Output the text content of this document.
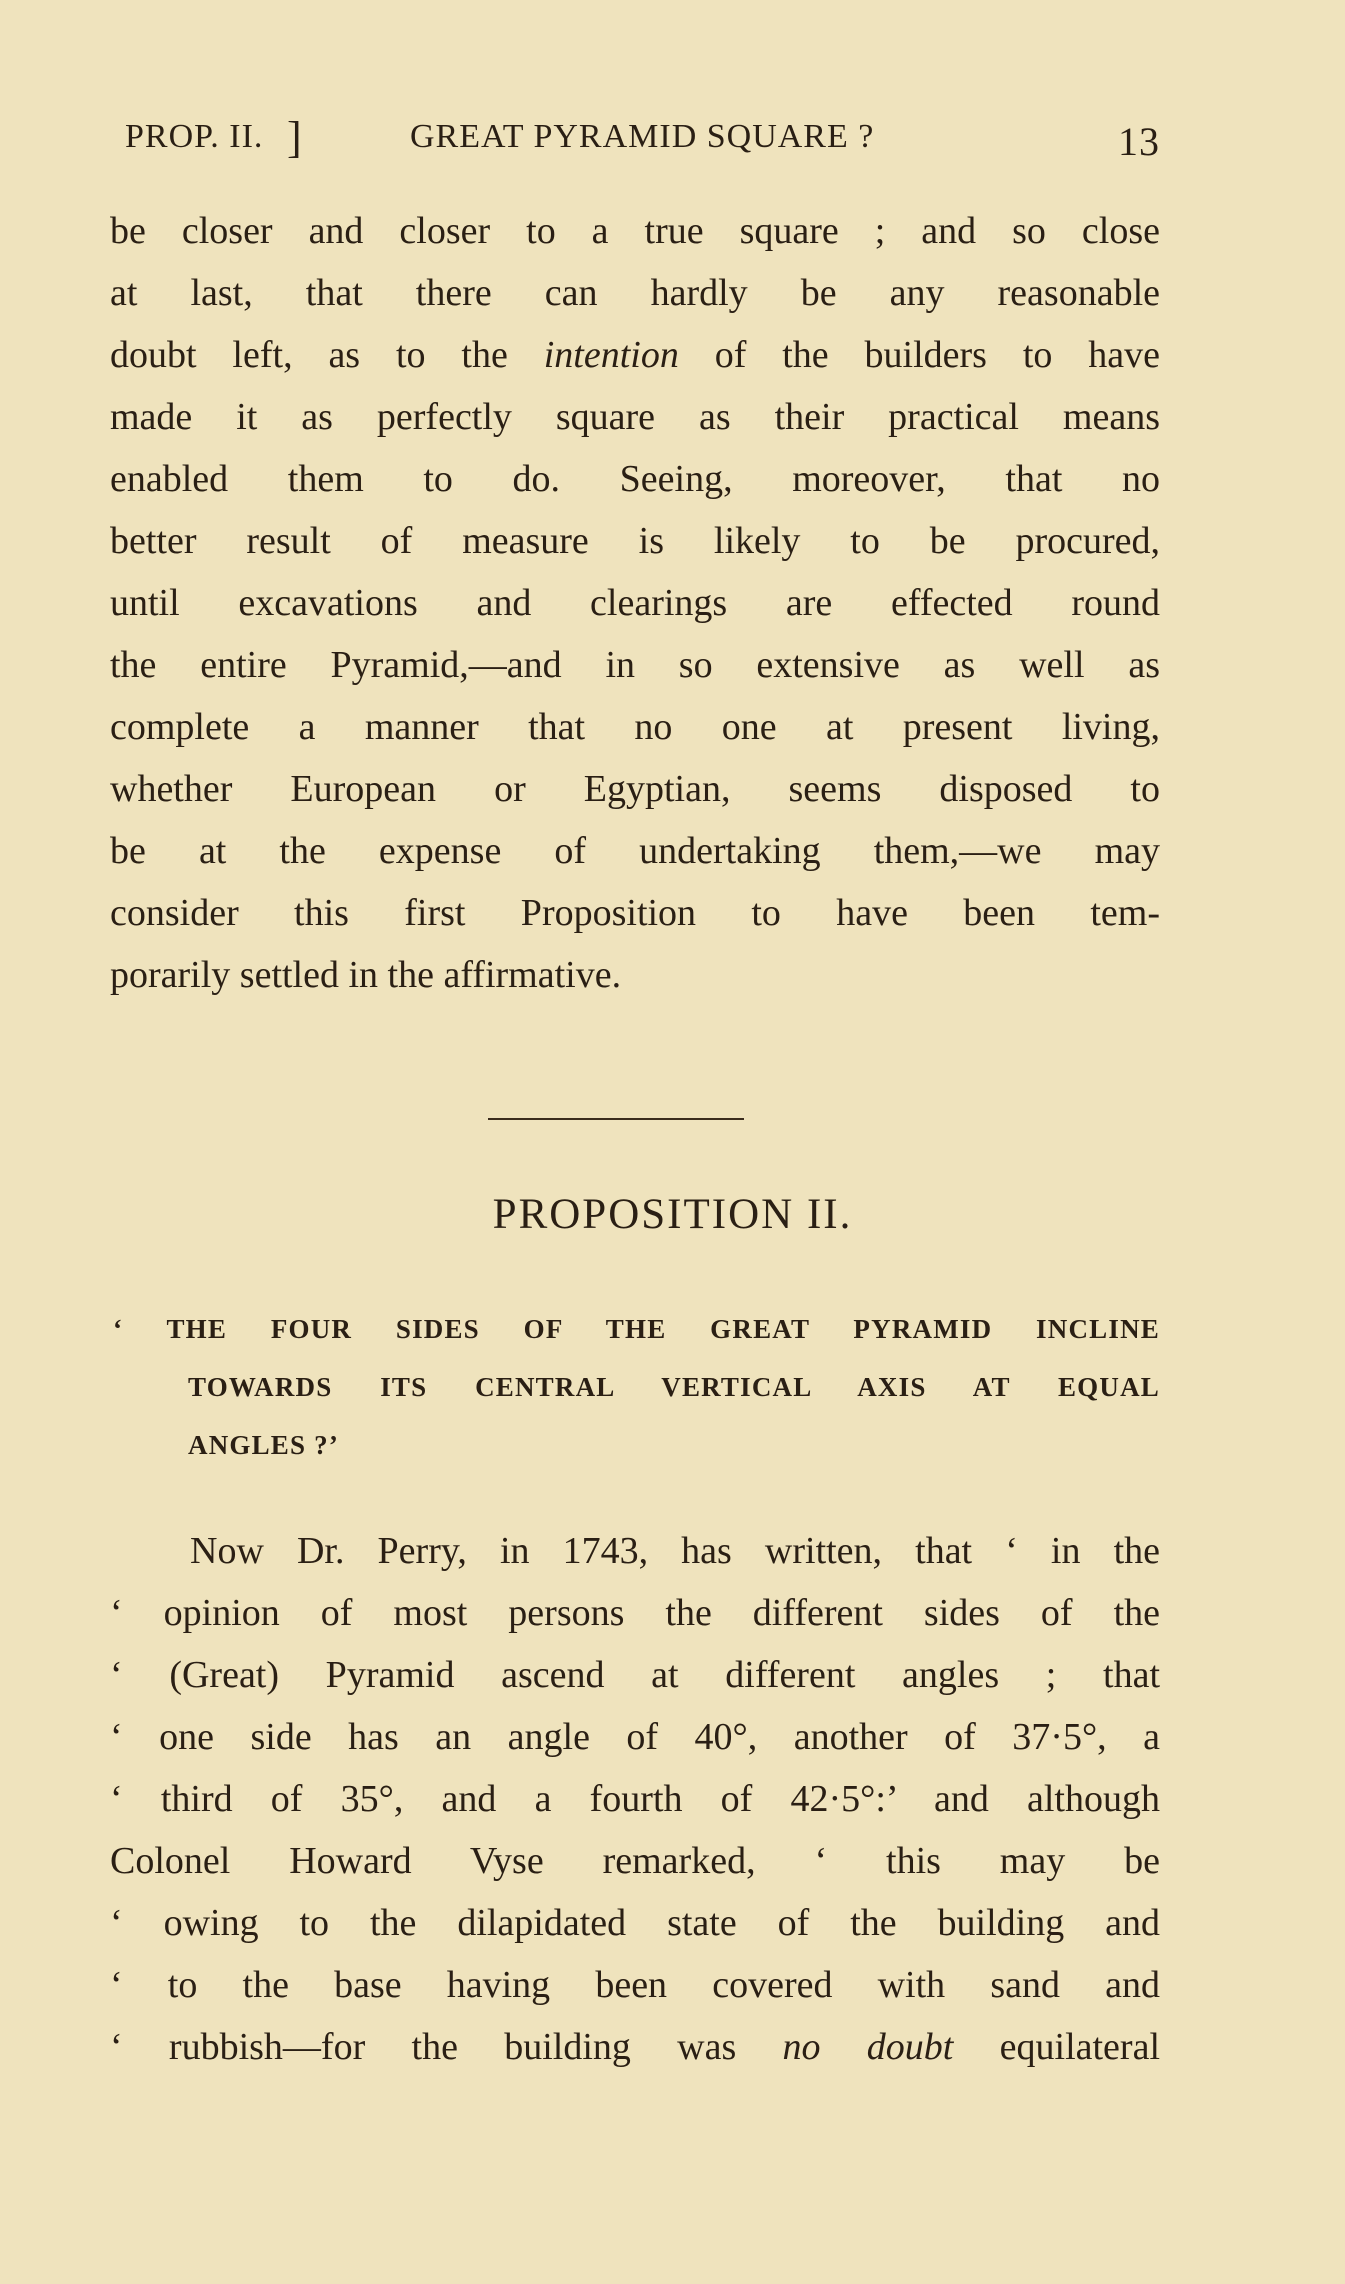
PROP. II. ]	GREAT PYRAMID SQUARE ?	13
be closer and closer to a true square ; and so close
at last, that there can hardly be any reasonable
doubt left, as to the intention of the builders to have
made it as perfectly square as their practical means
enabled them to do. Seeing, moreover, that no
better result of measure is likely to be procured,
until excavations and clearings are effected round
the entire Pyramid,—and in so extensive as well as
complete a manner that no one at present living,
whether European or Egyptian, seems disposed to
be at the expense of undertaking them,—we may
consider this first Proposition to have been tem-
porarily settled in the affirmative.
PROPOSITION II.
‘ THE FOUR SIDES OF THE GREAT PYRAMID INCLINE
TOWARDS ITS CENTRAL VERTICAL AXIS AT EQUAL
ANGLES ?’
Now Dr. Perry, in 1743, has written, that ‘ in the
‘ opinion of most persons the different sides of the
‘ (Great) Pyramid ascend at different angles ; that
‘ one side has an angle of 40°, another of 37·5°, a
‘ third of 35°, and a fourth of 42·5°:’ and although
Colonel Howard Vyse remarked, ‘ this may be
‘ owing to the dilapidated state of the building and
‘ to the base having been covered with sand and
‘ rubbish—for the building was no doubt equilateral
